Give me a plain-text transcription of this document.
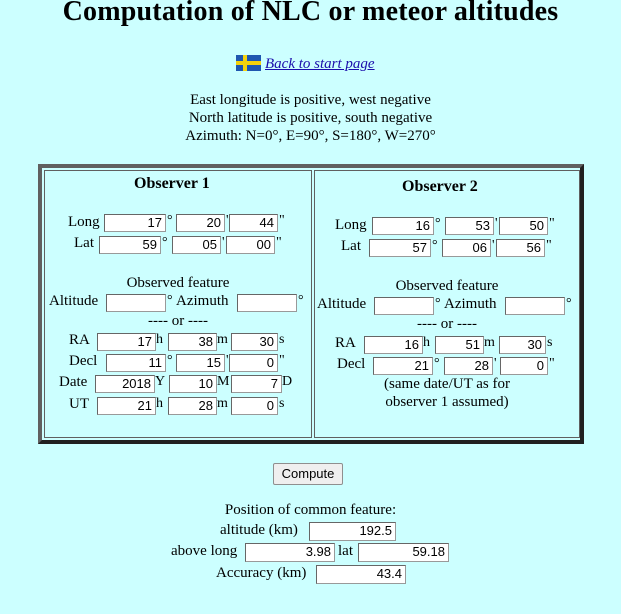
Computation of NLC or meteor altitudes
Back to start page
East longitude is positive, west negative
North latitude is positive, south negative
Azimuth: N=0°, E=90°, S=180°, W=270°
Observer 1
Long	17 °	20 '	44 "
Lat	59 °	05 '	00 "
Observed feature
Altitude	° Azimuth	°
---- or ----
RA	17 h	38 m	30 s
Decl	11 °	15 '	0 "
Date	2018 Y	10 M	7 D
UT	21 h	28 m	0 s
Observer 2
Long	16 °	53 '	50 "
Lat	57 °	06 '	56 "
Observed feature
Altitude	° Azimuth	°
---- or ----
RA	16 h	51 m	30 s
Decl	21 °	28 '	0 "
(same date/UT as for
observer 1 assumed)
Compute
Position of common feature:
altitude (km)	192.5
above long	3.98 lat	59.18
Accuracy (km)	43.4
